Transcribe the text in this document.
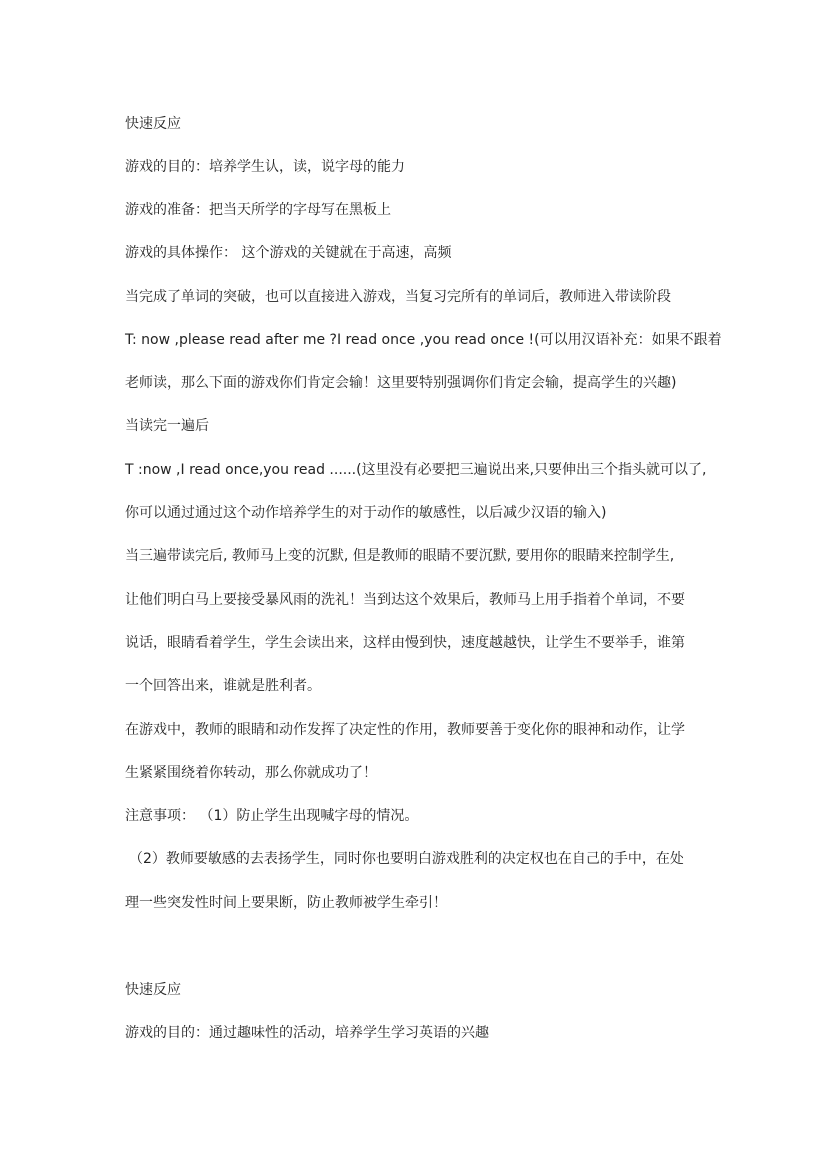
快速反应
游戏的目的：培养学生认，读，说字母的能力
游戏的准备：把当天所学的字母写在黑板上
游戏的具体操作： 这个游戏的关键就在于高速，高频
当完成了单词的突破，也可以直接进入游戏，当复习完所有的单词后，教师进入带读阶段
T: now ,please read after me ?I read once ,you read once !(可以用汉语补充：如果不跟着
老师读，那么下面的游戏你们肯定会输！这里要特别强调你们肯定会输，提高学生的兴趣)
当读完一遍后
T :now ,I read once,you read ......(这里没有必要把三遍说出来,只要伸出三个指头就可以了,
你可以通过通过这个动作培养学生的对于动作的敏感性，以后减少汉语的输入)
当三遍带读完后, 教师马上变的沉默, 但是教师的眼睛不要沉默, 要用你的眼睛来控制学生,
让他们明白马上要接受暴风雨的洗礼！当到达这个效果后，教师马上用手指着个单词，不要
说话，眼睛看着学生，学生会读出来，这样由慢到快，速度越越快，让学生不要举手，谁第
一个回答出来，谁就是胜利者。
在游戏中，教师的眼睛和动作发挥了决定性的作用，教师要善于变化你的眼神和动作，让学
生紧紧围绕着你转动，那么你就成功了！
注意事项： （1）防止学生出现喊字母的情况。
（2）教师要敏感的去表扬学生，同时你也要明白游戏胜利的决定权也在自己的手中，在处
理一些突发性时间上要果断，防止教师被学生牵引！
快速反应
游戏的目的：通过趣味性的活动，培养学生学习英语的兴趣
